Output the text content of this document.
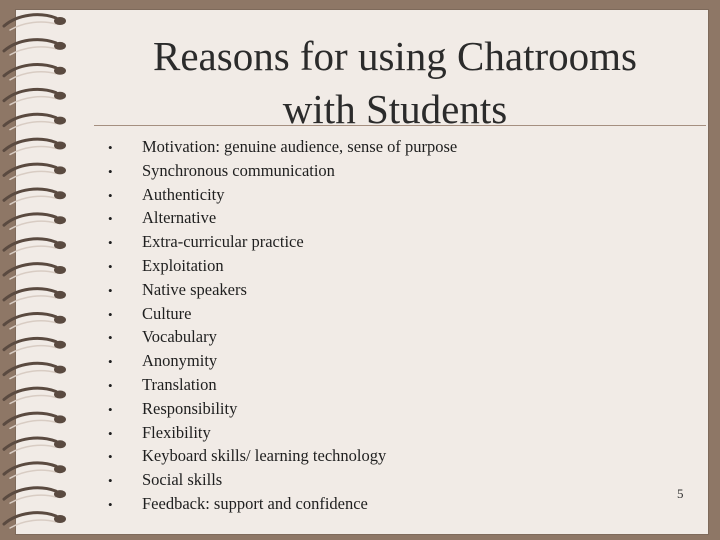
Reasons for using Chatrooms
with Students
• Motivation: genuine audience, sense of purpose
• Synchronous communication
• Authenticity
• Alternative
• Extra-curricular practice
• Exploitation
• Native speakers
• Culture
• Vocabulary
• Anonymity
• Translation
• Responsibility
• Flexibility
• Keyboard skills/ learning technology
• Social skills
• Feedback: support and confidence
5
